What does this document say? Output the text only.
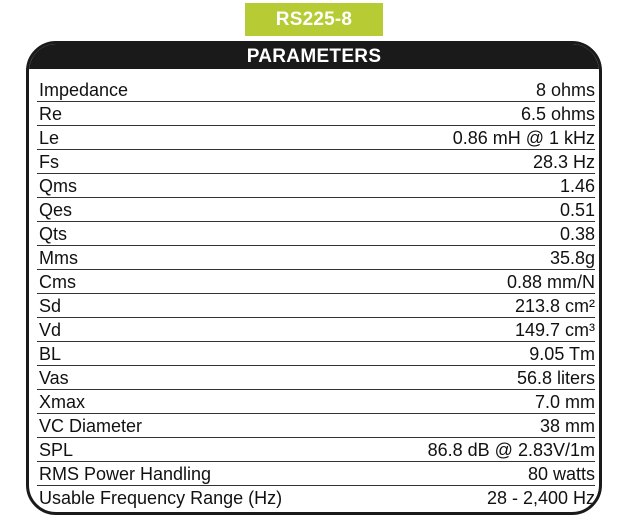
RS225-8
PARAMETERS
Impedance	8 ohms
Re	6.5 ohms
Le	0.86 mH @ 1 kHz
Fs	28.3 Hz
Qms	1.46
Qes	0.51
Qts	0.38
Mms	35.8g
Cms	0.88 mm/N
Sd	213.8 cm²
Vd	149.7 cm³
BL	9.05 Tm
Vas	56.8 liters
Xmax	7.0 mm
VC Diameter	38 mm
SPL	86.8 dB @ 2.83V/1m
RMS Power Handling	80 watts
Usable Frequency Range (Hz)	28 - 2,400 Hz
